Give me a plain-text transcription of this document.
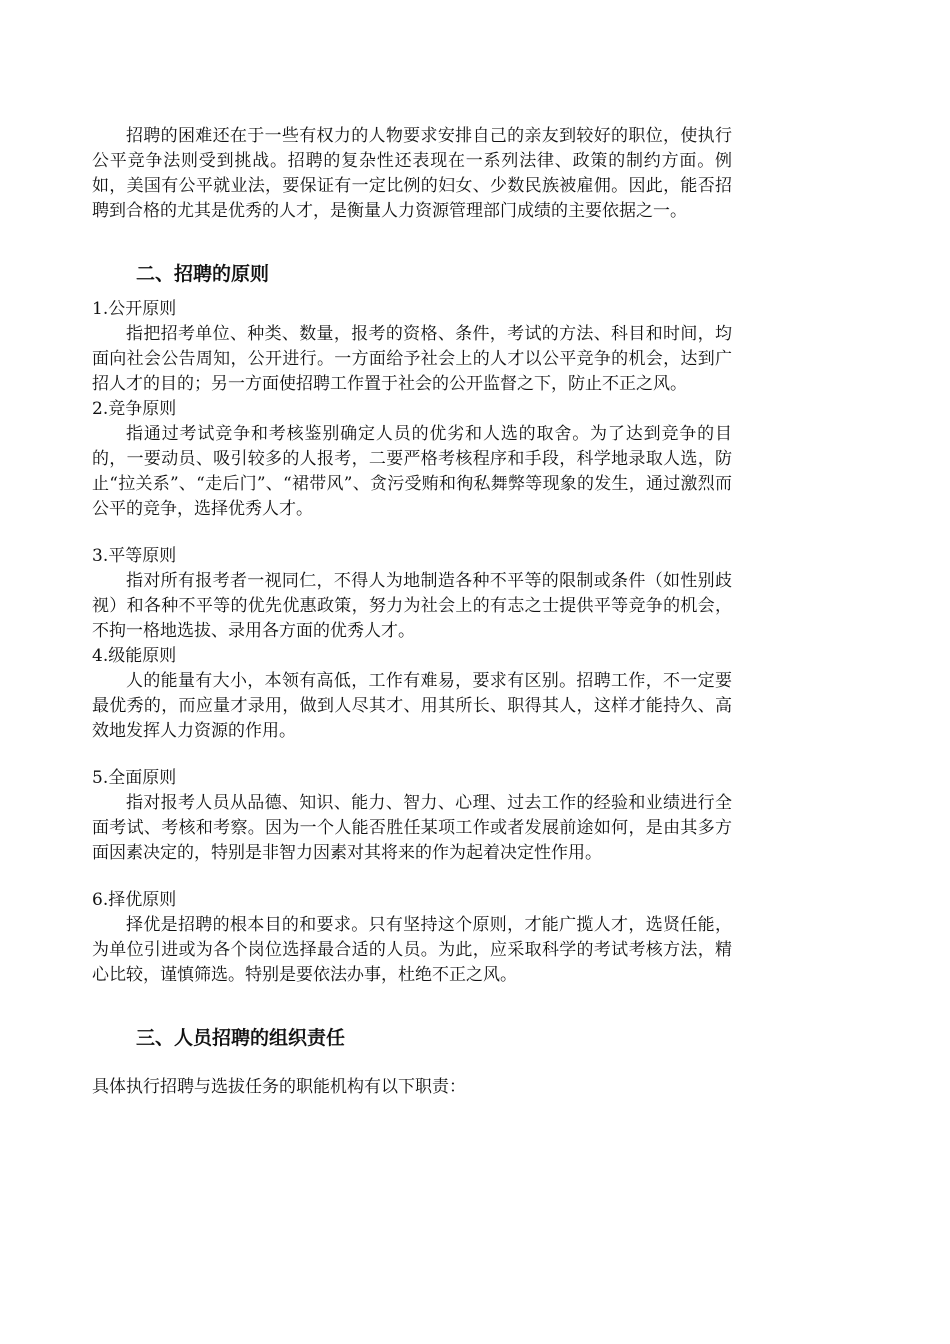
招聘的困难还在于一些有权力的人物要求安排自己的亲友到较好的职位，使执行公平竞争法则受到挑战。招聘的复杂性还表现在一系列法律、政策的制约方面。例如，美国有公平就业法，要保证有一定比例的妇女、少数民族被雇佣。因此，能否招聘到合格的尤其是优秀的人才，是衡量人力资源管理部门成绩的主要依据之一。

二、招聘的原则

1.公开原则

指把招考单位、种类、数量，报考的资格、条件，考试的方法、科目和时间，均面向社会公告周知，公开进行。一方面给予社会上的人才以公平竞争的机会，达到广招人才的目的；另一方面使招聘工作置于社会的公开监督之下，防止不正之风。

2.竞争原则

指通过考试竞争和考核鉴别确定人员的优劣和人选的取舍。为了达到竞争的目的，一要动员、吸引较多的人报考，二要严格考核程序和手段，科学地录取人选，防止“拉关系”、“走后门”、“裙带风”、贪污受贿和徇私舞弊等现象的发生，通过激烈而公平的竞争，选择优秀人才。

3.平等原则

指对所有报考者一视同仁，不得人为地制造各种不平等的限制或条件（如性别歧视）和各种不平等的优先优惠政策，努力为社会上的有志之士提供平等竞争的机会，不拘一格地选拔、录用各方面的优秀人才。

4.级能原则

人的能量有大小，本领有高低，工作有难易，要求有区别。招聘工作，不一定要最优秀的，而应量才录用，做到人尽其才、用其所长、职得其人，这样才能持久、高效地发挥人力资源的作用。

5.全面原则

指对报考人员从品德、知识、能力、智力、心理、过去工作的经验和业绩进行全面考试、考核和考察。因为一个人能否胜任某项工作或者发展前途如何，是由其多方面因素决定的，特别是非智力因素对其将来的作为起着决定性作用。

6.择优原则

择优是招聘的根本目的和要求。只有坚持这个原则，才能广揽人才，选贤任能，为单位引进或为各个岗位选择最合适的人员。为此，应采取科学的考试考核方法，精心比较，谨慎筛选。特别是要依法办事，杜绝不正之风。

三、人员招聘的组织责任

具体执行招聘与选拔任务的职能机构有以下职责：
